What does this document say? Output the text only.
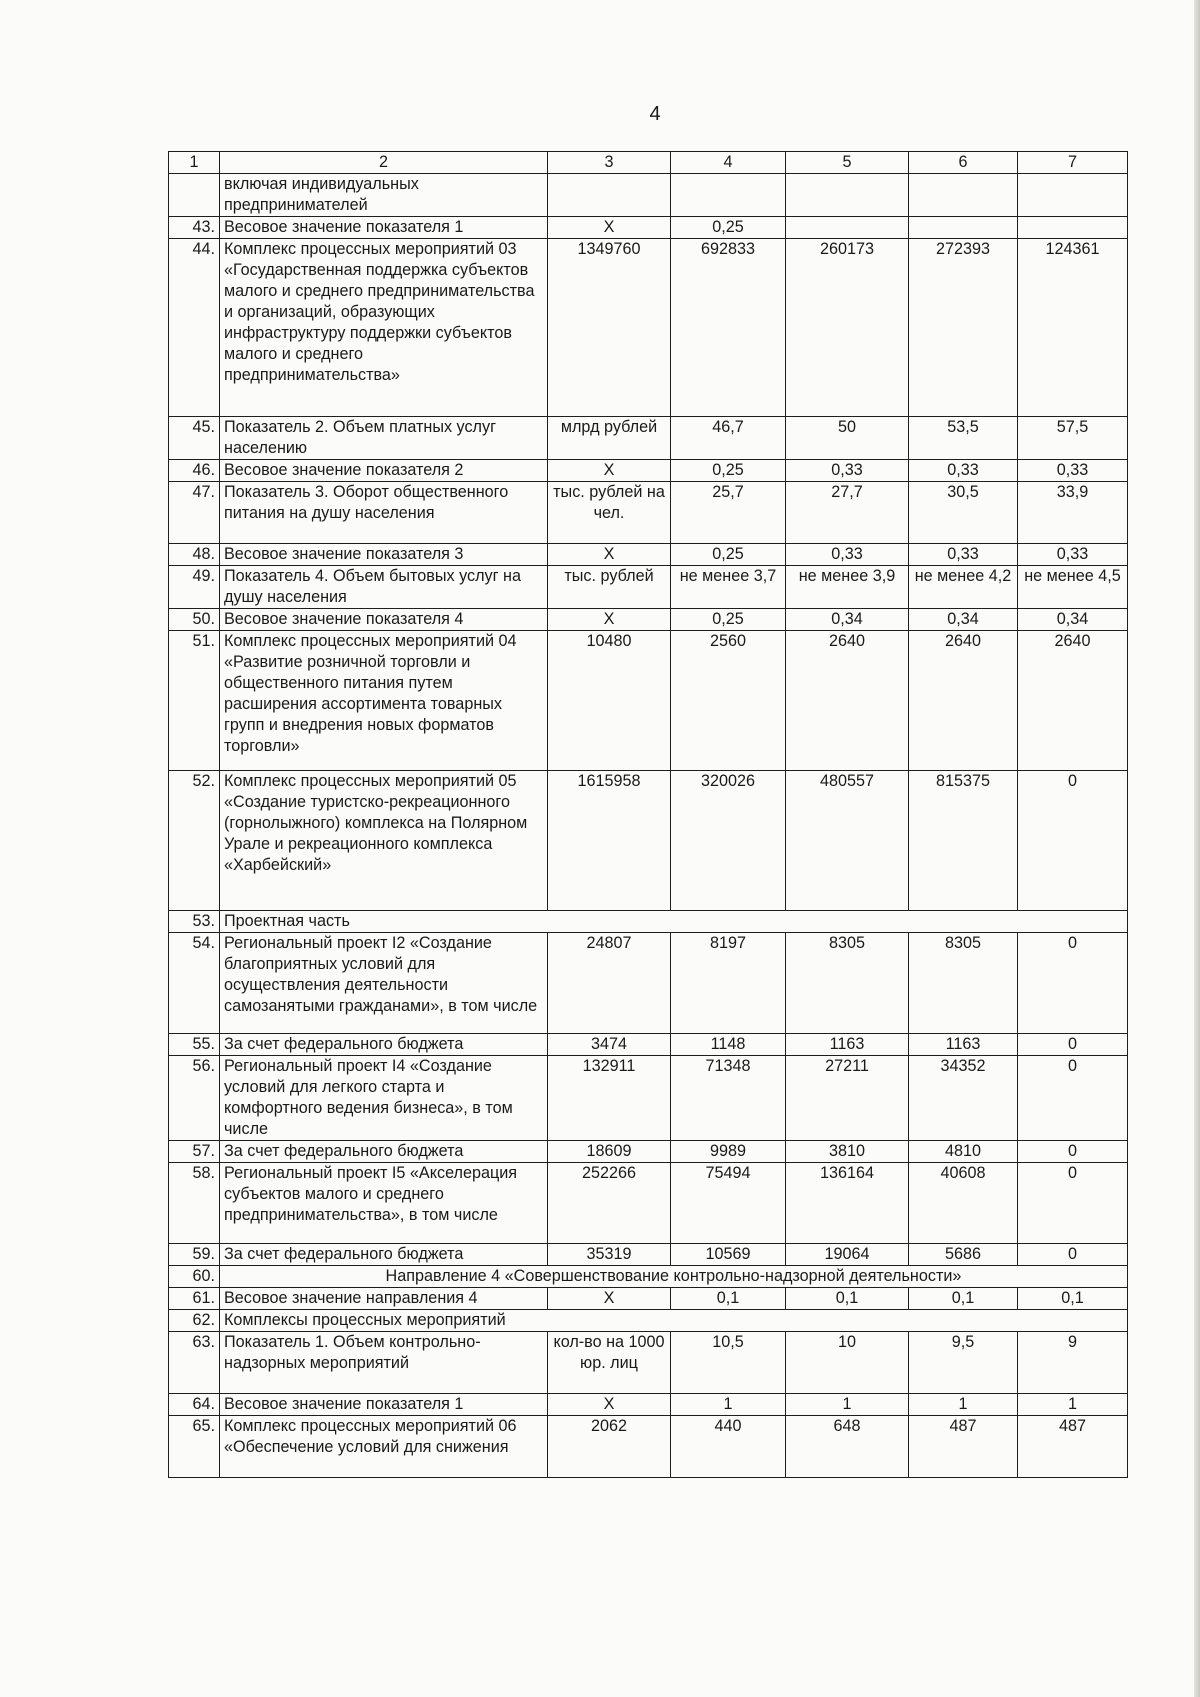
4
1	2	3	4	5	6	7
	включая индивидуальных предпринимателей					
43.	Весовое значение показателя 1	Х	0,25			
44.	Комплекс процессных мероприятий 03 «Государственная поддержка субъектов малого и среднего предпринимательства и организаций, образующих инфраструктуру поддержки субъектов малого и среднего предпринимательства»	1349760	692833	260173	272393	124361
45.	Показатель 2. Объем платных услуг населению	млрд рублей	46,7	50	53,5	57,5
46.	Весовое значение показателя 2	Х	0,25	0,33	0,33	0,33
47.	Показатель 3. Оборот общественного питания на душу населения	тыс. рублей на чел.	25,7	27,7	30,5	33,9
48.	Весовое значение показателя 3	Х	0,25	0,33	0,33	0,33
49.	Показатель 4. Объем бытовых услуг на душу населения	тыс. рублей	не менее 3,7	не менее 3,9	не менее 4,2	не менее 4,5
50.	Весовое значение показателя 4	Х	0,25	0,34	0,34	0,34
51.	Комплекс процессных мероприятий 04 «Развитие розничной торговли и общественного питания путем расширения ассортимента товарных групп и внедрения новых форматов торговли»	10480	2560	2640	2640	2640
52.	Комплекс процессных мероприятий 05 «Создание туристско-рекреационного (горнолыжного) комплекса на Полярном Урале и рекреационного комплекса «Харбейский»	1615958	320026	480557	815375	0
53.	Проектная часть					
54.	Региональный проект I2 «Создание благоприятных условий для осуществления деятельности самозанятыми гражданами», в том числе	24807	8197	8305	8305	0
55.	За счет федерального бюджета	3474	1148	1163	1163	0
56.	Региональный проект I4 «Создание условий для легкого старта и комфортного ведения бизнеса», в том числе	132911	71348	27211	34352	0
57.	За счет федерального бюджета	18609	9989	3810	4810	0
58.	Региональный проект I5 «Акселерация субъектов малого и среднего предпринимательства», в том числе	252266	75494	136164	40608	0
59.	За счет федерального бюджета	35319	10569	19064	5686	0
60.	Направление 4 «Совершенствование контрольно-надзорной деятельности»					
61.	Весовое значение направления 4	Х	0,1	0,1	0,1	0,1
62.	Комплексы процессных мероприятий					
63.	Показатель 1. Объем контрольно-надзорных мероприятий	кол-во на 1000 юр. лиц	10,5	10	9,5	9
64.	Весовое значение показателя 1	Х	1	1	1	1
65.	Комплекс процессных мероприятий 06 «Обеспечение условий для снижения	2062	440	648	487	487
